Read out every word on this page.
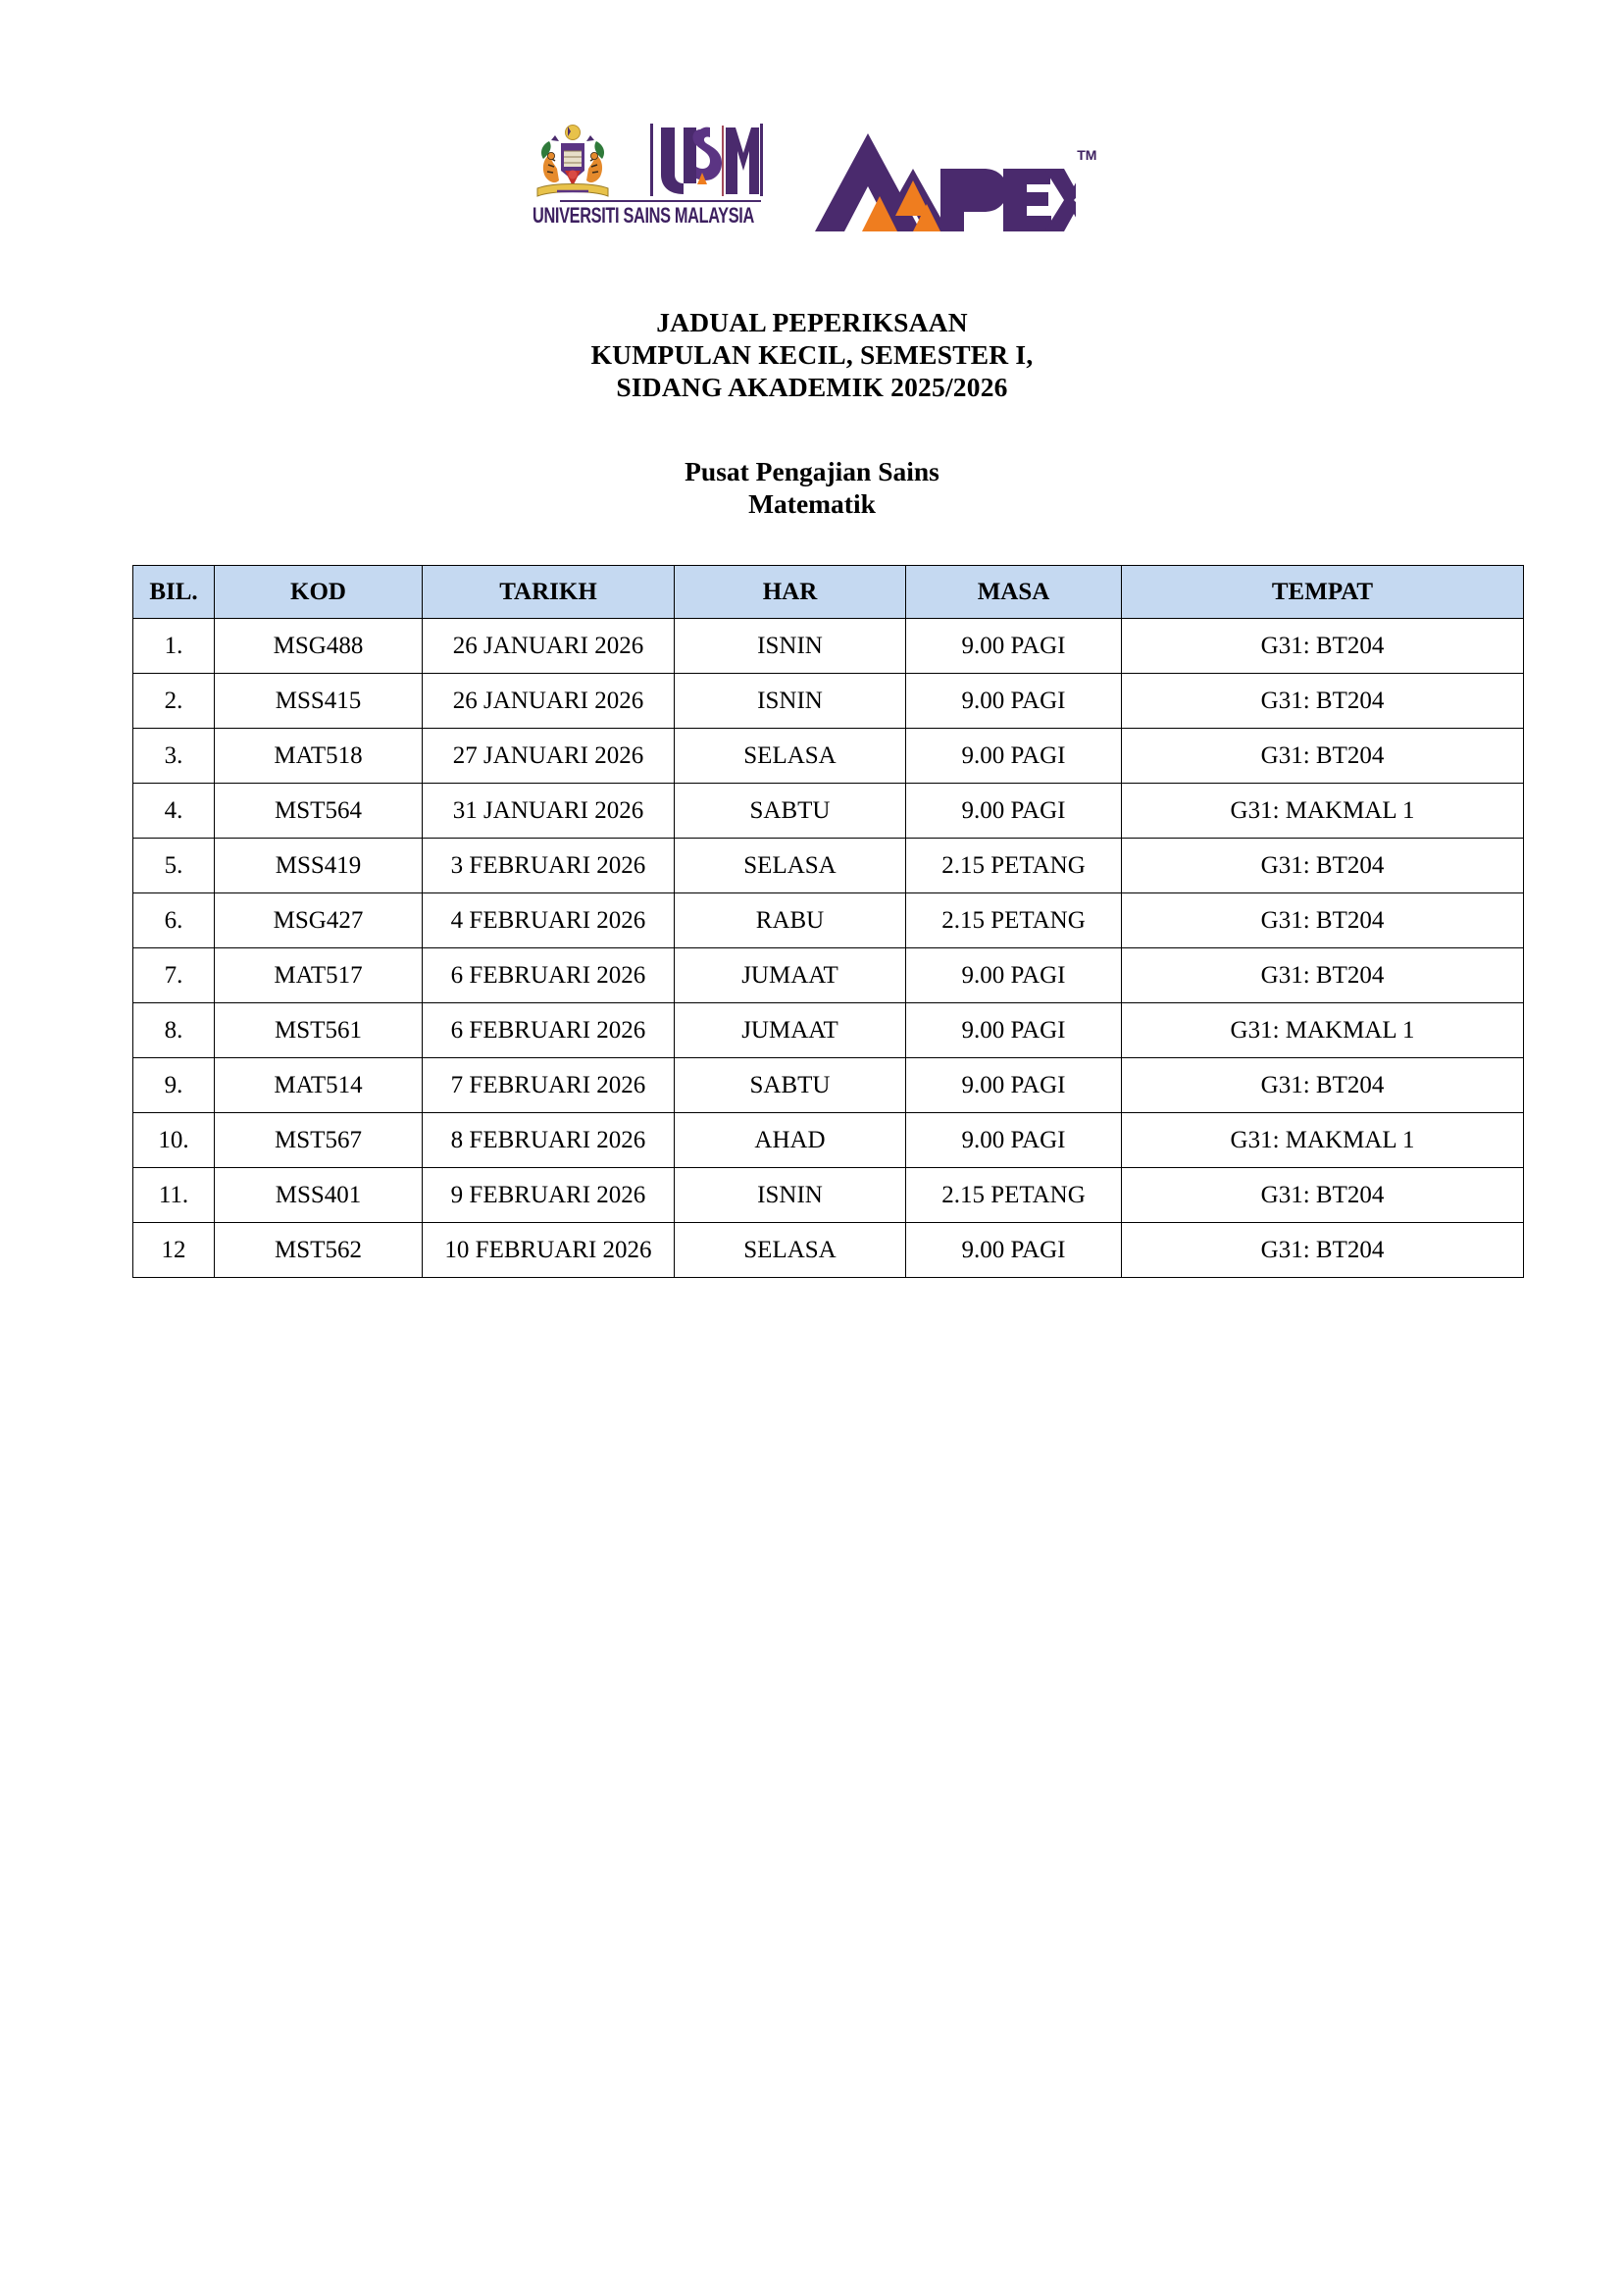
UNIVERSITI SAINS MALAYSIA
TM
JADUAL PEPERIKSAAN
KUMPULAN KECIL, SEMESTER I,
SIDANG AKADEMIK 2025/2026
Pusat Pengajian Sains
Matematik
BIL.	KOD	TARIKH	HAR	MASA	TEMPAT
1.	MSG488	26 JANUARI 2026	ISNIN	9.00 PAGI	G31: BT204
2.	MSS415	26 JANUARI 2026	ISNIN	9.00 PAGI	G31: BT204
3.	MAT518	27 JANUARI 2026	SELASA	9.00 PAGI	G31: BT204
4.	MST564	31 JANUARI 2026	SABTU	9.00 PAGI	G31: MAKMAL 1
5.	MSS419	3 FEBRUARI 2026	SELASA	2.15 PETANG	G31: BT204
6.	MSG427	4 FEBRUARI 2026	RABU	2.15 PETANG	G31: BT204
7.	MAT517	6 FEBRUARI 2026	JUMAAT	9.00 PAGI	G31: BT204
8.	MST561	6 FEBRUARI 2026	JUMAAT	9.00 PAGI	G31: MAKMAL 1
9.	MAT514	7 FEBRUARI 2026	SABTU	9.00 PAGI	G31: BT204
10.	MST567	8 FEBRUARI 2026	AHAD	9.00 PAGI	G31: MAKMAL 1
11.	MSS401	9 FEBRUARI 2026	ISNIN	2.15 PETANG	G31: BT204
12	MST562	10 FEBRUARI 2026	SELASA	9.00 PAGI	G31: BT204
